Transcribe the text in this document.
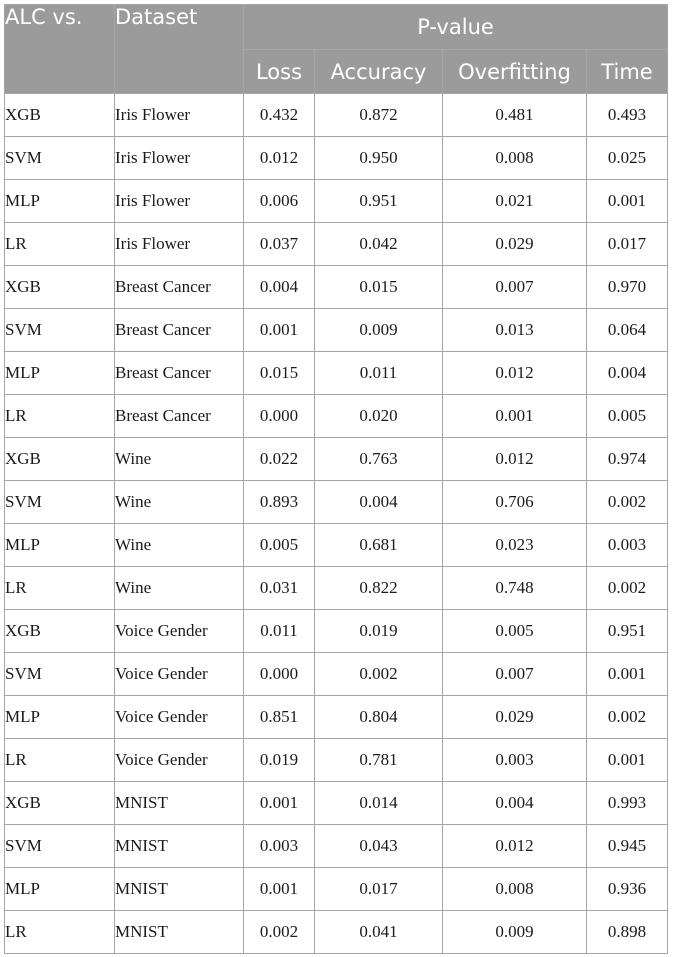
ALC vs.	Dataset	P-value			
		Loss	Accuracy	Overfitting	Time
XGB	Iris Flower	0.432	0.872	0.481	0.493
SVM	Iris Flower	0.012	0.950	0.008	0.025
MLP	Iris Flower	0.006	0.951	0.021	0.001
LR	Iris Flower	0.037	0.042	0.029	0.017
XGB	Breast Cancer	0.004	0.015	0.007	0.970
SVM	Breast Cancer	0.001	0.009	0.013	0.064
MLP	Breast Cancer	0.015	0.011	0.012	0.004
LR	Breast Cancer	0.000	0.020	0.001	0.005
XGB	Wine	0.022	0.763	0.012	0.974
SVM	Wine	0.893	0.004	0.706	0.002
MLP	Wine	0.005	0.681	0.023	0.003
LR	Wine	0.031	0.822	0.748	0.002
XGB	Voice Gender	0.011	0.019	0.005	0.951
SVM	Voice Gender	0.000	0.002	0.007	0.001
MLP	Voice Gender	0.851	0.804	0.029	0.002
LR	Voice Gender	0.019	0.781	0.003	0.001
XGB	MNIST	0.001	0.014	0.004	0.993
SVM	MNIST	0.003	0.043	0.012	0.945
MLP	MNIST	0.001	0.017	0.008	0.936
LR	MNIST	0.002	0.041	0.009	0.898
